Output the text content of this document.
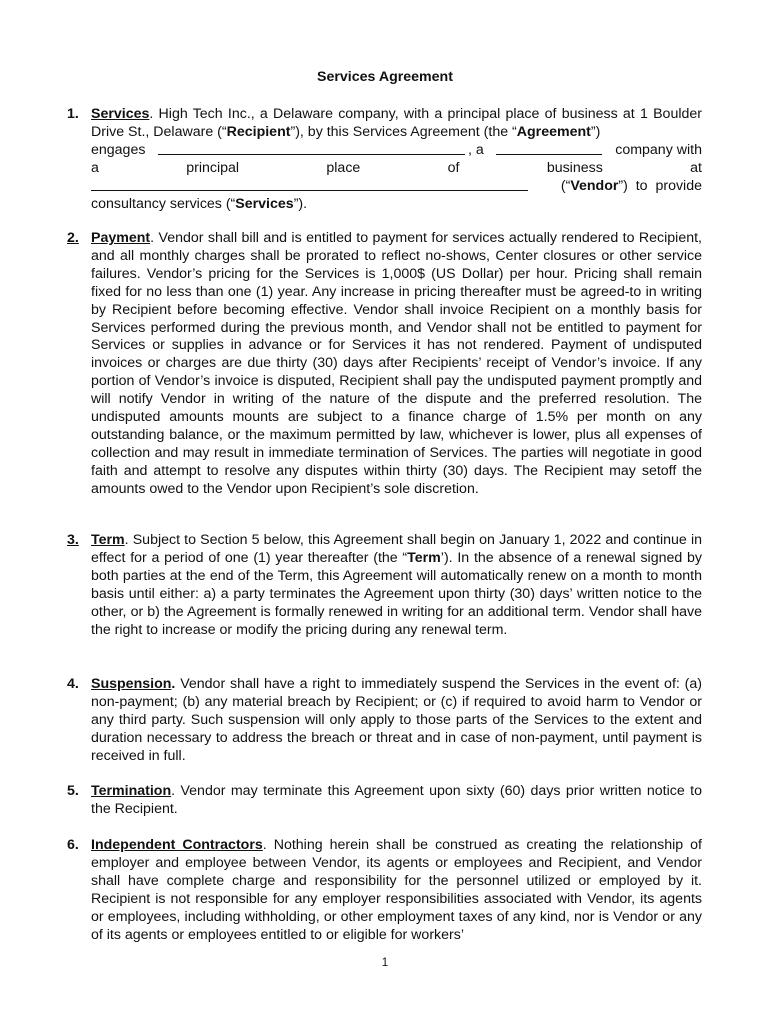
Services Agreement
1. Services. High Tech Inc., a Delaware company, with a principal place of business at 1 Boulder Drive St., Delaware (“Recipient”), by this Services Agreement (the “Agreement”)
engages	, a	company with
a	principal	place	of	business	at
(“Vendor”)  to  provide
consultancy services (“Services”).
2. Payment. Vendor shall bill and is entitled to payment for services actually rendered to Recipient, and all monthly charges shall be prorated to reflect no-shows, Center closures or other service failures. Vendor’s pricing for the Services is 1,000$ (US Dollar) per hour. Pricing shall remain fixed for no less than one (1) year. Any increase in pricing thereafter must be agreed-to in writing by Recipient before becoming effective. Vendor shall invoice Recipient on a monthly basis for Services performed during the previous month, and Vendor shall not be entitled to payment for Services or supplies in advance or for Services it has not rendered. Payment of undisputed invoices or charges are due thirty (30) days after Recipients’ receipt of Vendor’s invoice. If any portion of Vendor’s invoice is disputed, Recipient shall pay the undisputed payment promptly and will notify Vendor in writing of the nature of the dispute and the preferred resolution. The undisputed amounts mounts are subject to a finance charge of 1.5% per month on any outstanding balance, or the maximum permitted by law, whichever is lower, plus all expenses of collection and may result in immediate termination of Services. The parties will negotiate in good faith and attempt to resolve any disputes within thirty (30) days. The Recipient may setoff the amounts owed to the Vendor upon Recipient’s sole discretion.
3. Term. Subject to Section 5 below, this Agreement shall begin on January 1, 2022 and continue in effect for a period of one (1) year thereafter (the “Term’). In the absence of a renewal signed by both parties at the end of the Term, this Agreement will automatically renew on a month to month basis until either: a) a party terminates the Agreement upon thirty (30) days’ written notice to the other, or b) the Agreement is formally renewed in writing for an additional term. Vendor shall have the right to increase or modify the pricing during any renewal term.
4. Suspension. Vendor shall have a right to immediately suspend the Services in the event of: (a) non-payment; (b) any material breach by Recipient; or (c) if required to avoid harm to Vendor or any third party. Such suspension will only apply to those parts of the Services to the extent and duration necessary to address the breach or threat and in case of non-payment, until payment is received in full.
5. Termination. Vendor may terminate this Agreement upon sixty (60) days prior written notice to the Recipient.
6. Independent Contractors. Nothing herein shall be construed as creating the relationship of employer and employee between Vendor, its agents or employees and Recipient, and Vendor shall have complete charge and responsibility for the personnel utilized or employed by it. Recipient is not responsible for any employer responsibilities associated with Vendor, its agents or employees, including withholding, or other employment taxes of any kind, nor is Vendor or any of its agents or employees entitled to or eligible for workers’
1
